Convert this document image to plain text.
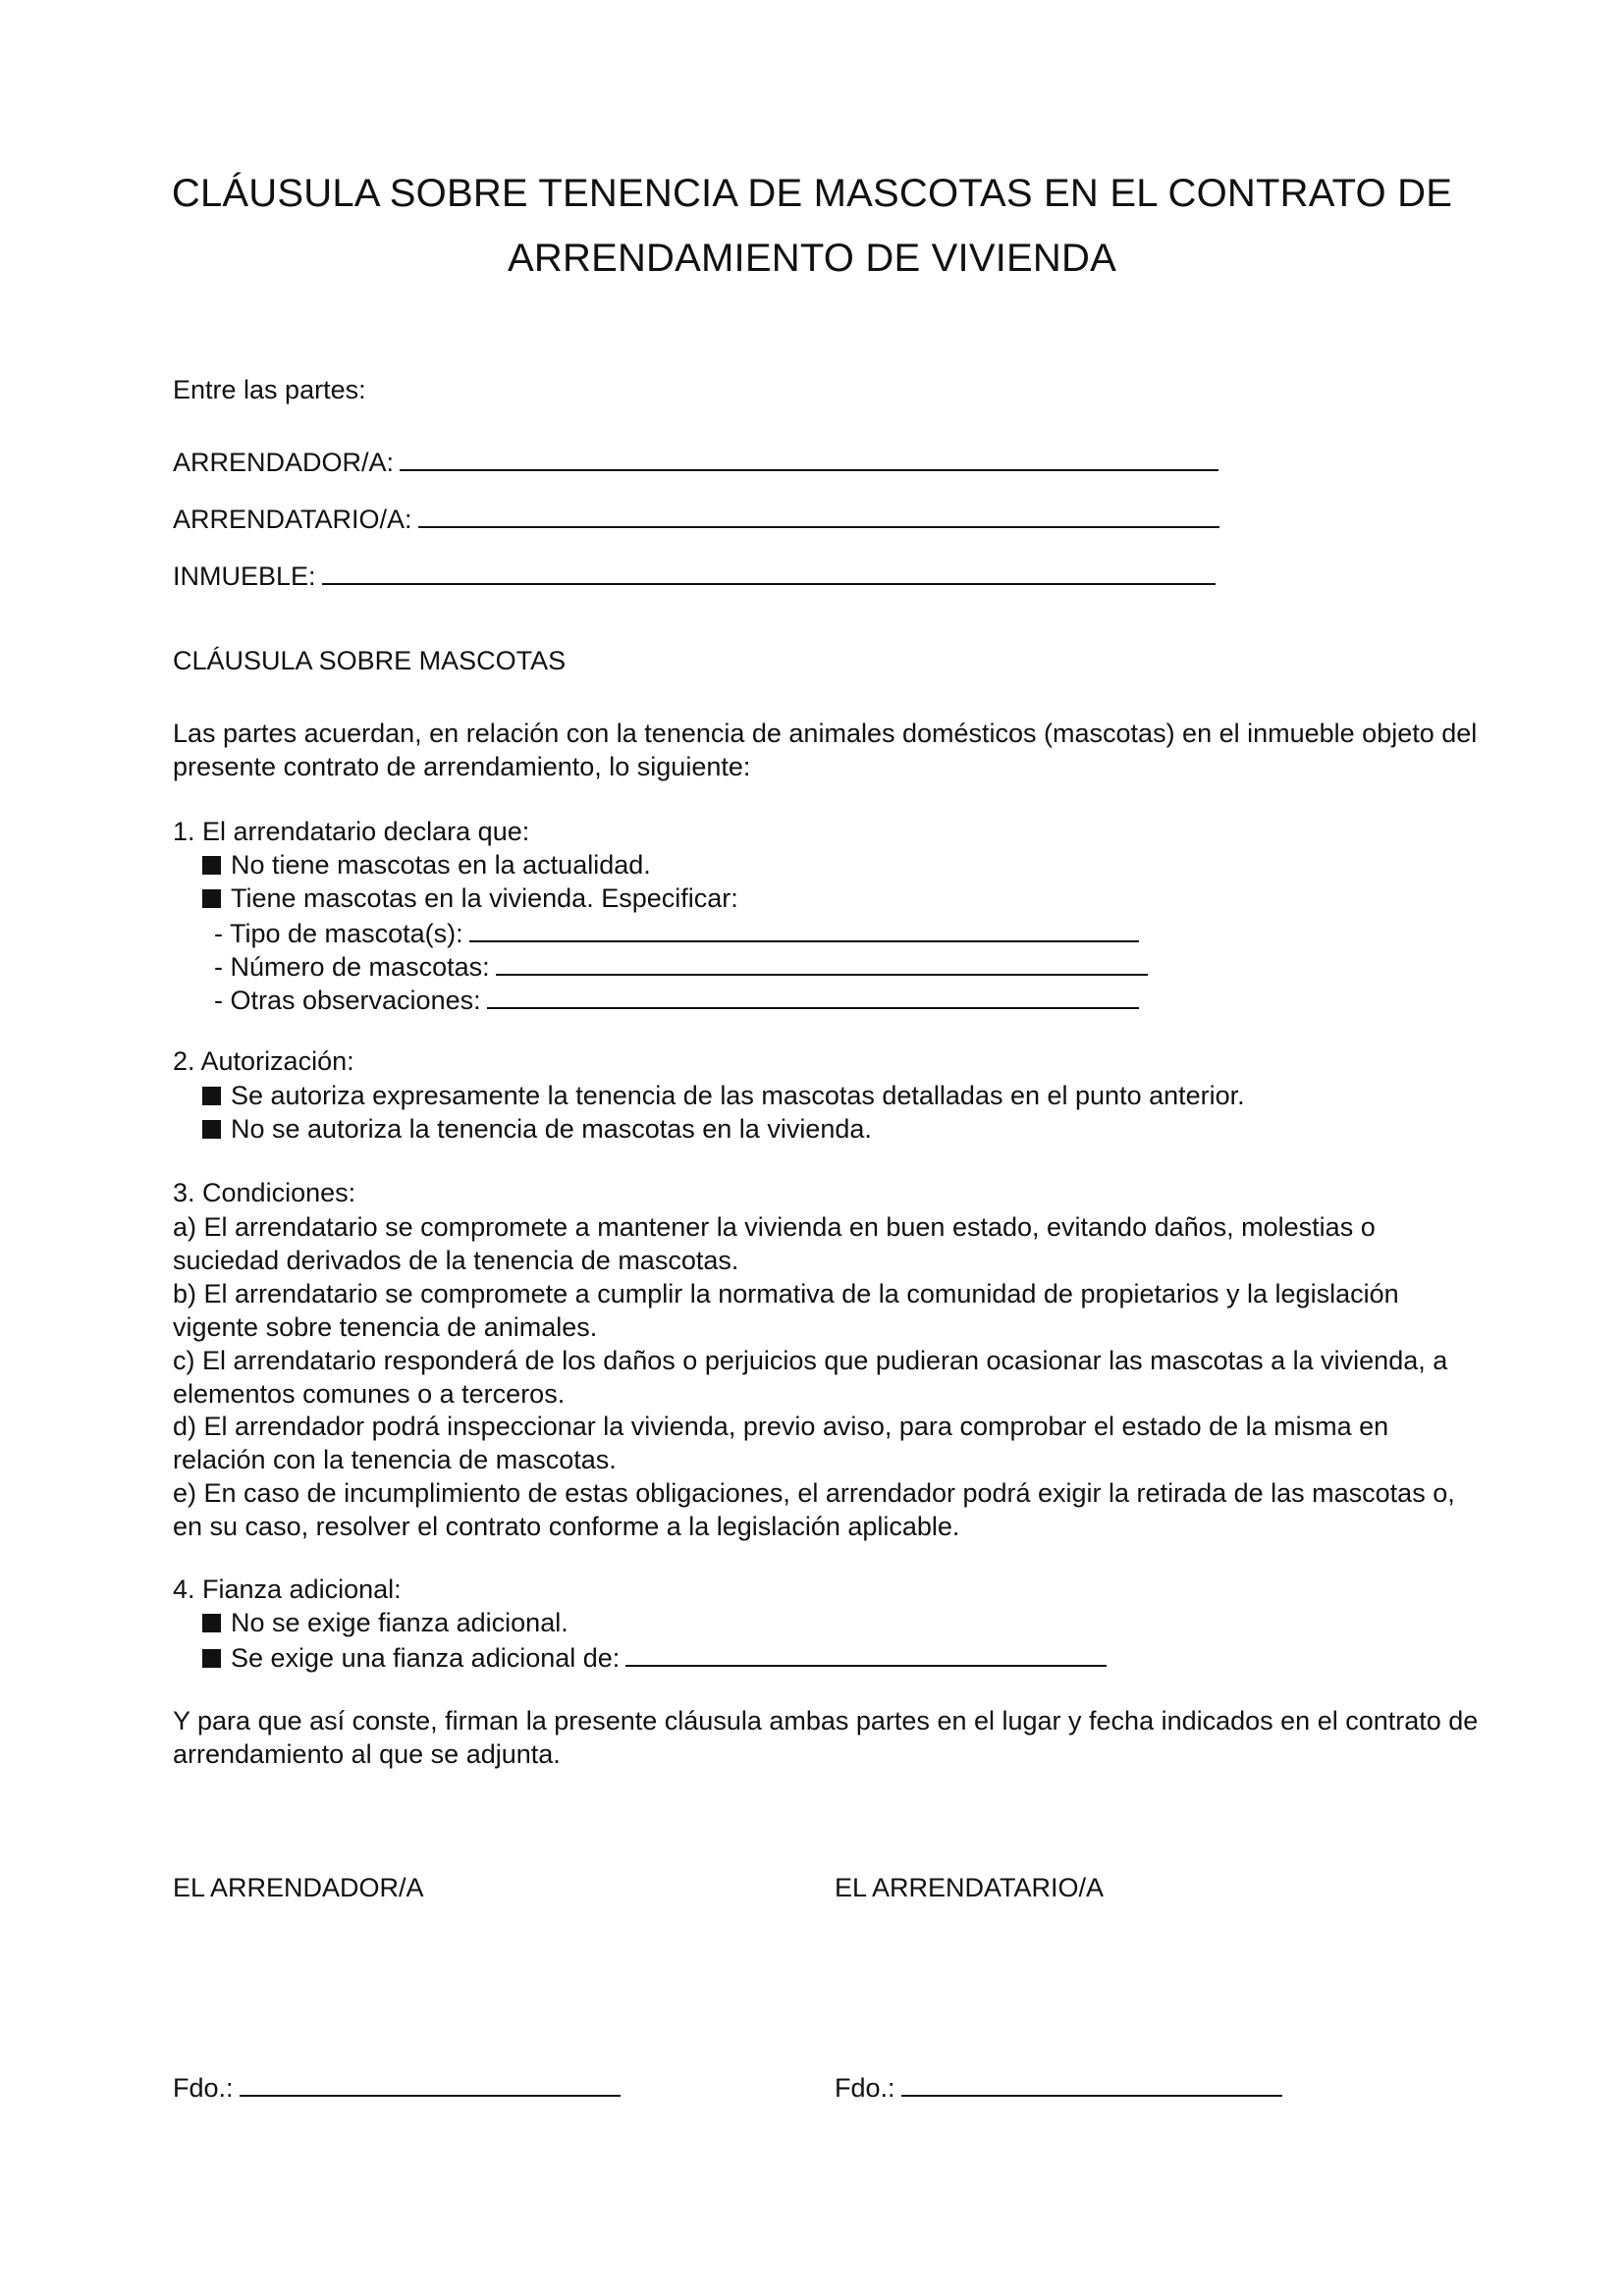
CLÁUSULA SOBRE TENENCIA DE MASCOTAS EN EL CONTRATO DE
ARRENDAMIENTO DE VIVIENDA
Entre las partes:
ARRENDADOR/A:
ARRENDATARIO/A:
INMUEBLE:
CLÁUSULA SOBRE MASCOTAS
Las partes acuerdan, en relación con la tenencia de animales domésticos (mascotas) en el inmueble objeto del presente contrato de arrendamiento, lo siguiente:
1. El arrendatario declara que:
No tiene mascotas en la actualidad.
Tiene mascotas en la vivienda. Especificar:
- Tipo de mascota(s):
- Número de mascotas:
- Otras observaciones:
2. Autorización:
Se autoriza expresamente la tenencia de las mascotas detalladas en el punto anterior.
No se autoriza la tenencia de mascotas en la vivienda.
3. Condiciones:
a) El arrendatario se compromete a mantener la vivienda en buen estado, evitando daños, molestias o suciedad derivados de la tenencia de mascotas.
b) El arrendatario se compromete a cumplir la normativa de la comunidad de propietarios y la legislación vigente sobre tenencia de animales.
c) El arrendatario responderá de los daños o perjuicios que pudieran ocasionar las mascotas a la vivienda, a elementos comunes o a terceros.
d) El arrendador podrá inspeccionar la vivienda, previo aviso, para comprobar el estado de la misma en relación con la tenencia de mascotas.
e) En caso de incumplimiento de estas obligaciones, el arrendador podrá exigir la retirada de las mascotas o, en su caso, resolver el contrato conforme a la legislación aplicable.
4. Fianza adicional:
No se exige fianza adicional.
Se exige una fianza adicional de:
Y para que así conste, firman la presente cláusula ambas partes en el lugar y fecha indicados en el contrato de arrendamiento al que se adjunta.
EL ARRENDADOR/A	EL ARRENDATARIO/A
Fdo.:	Fdo.:
